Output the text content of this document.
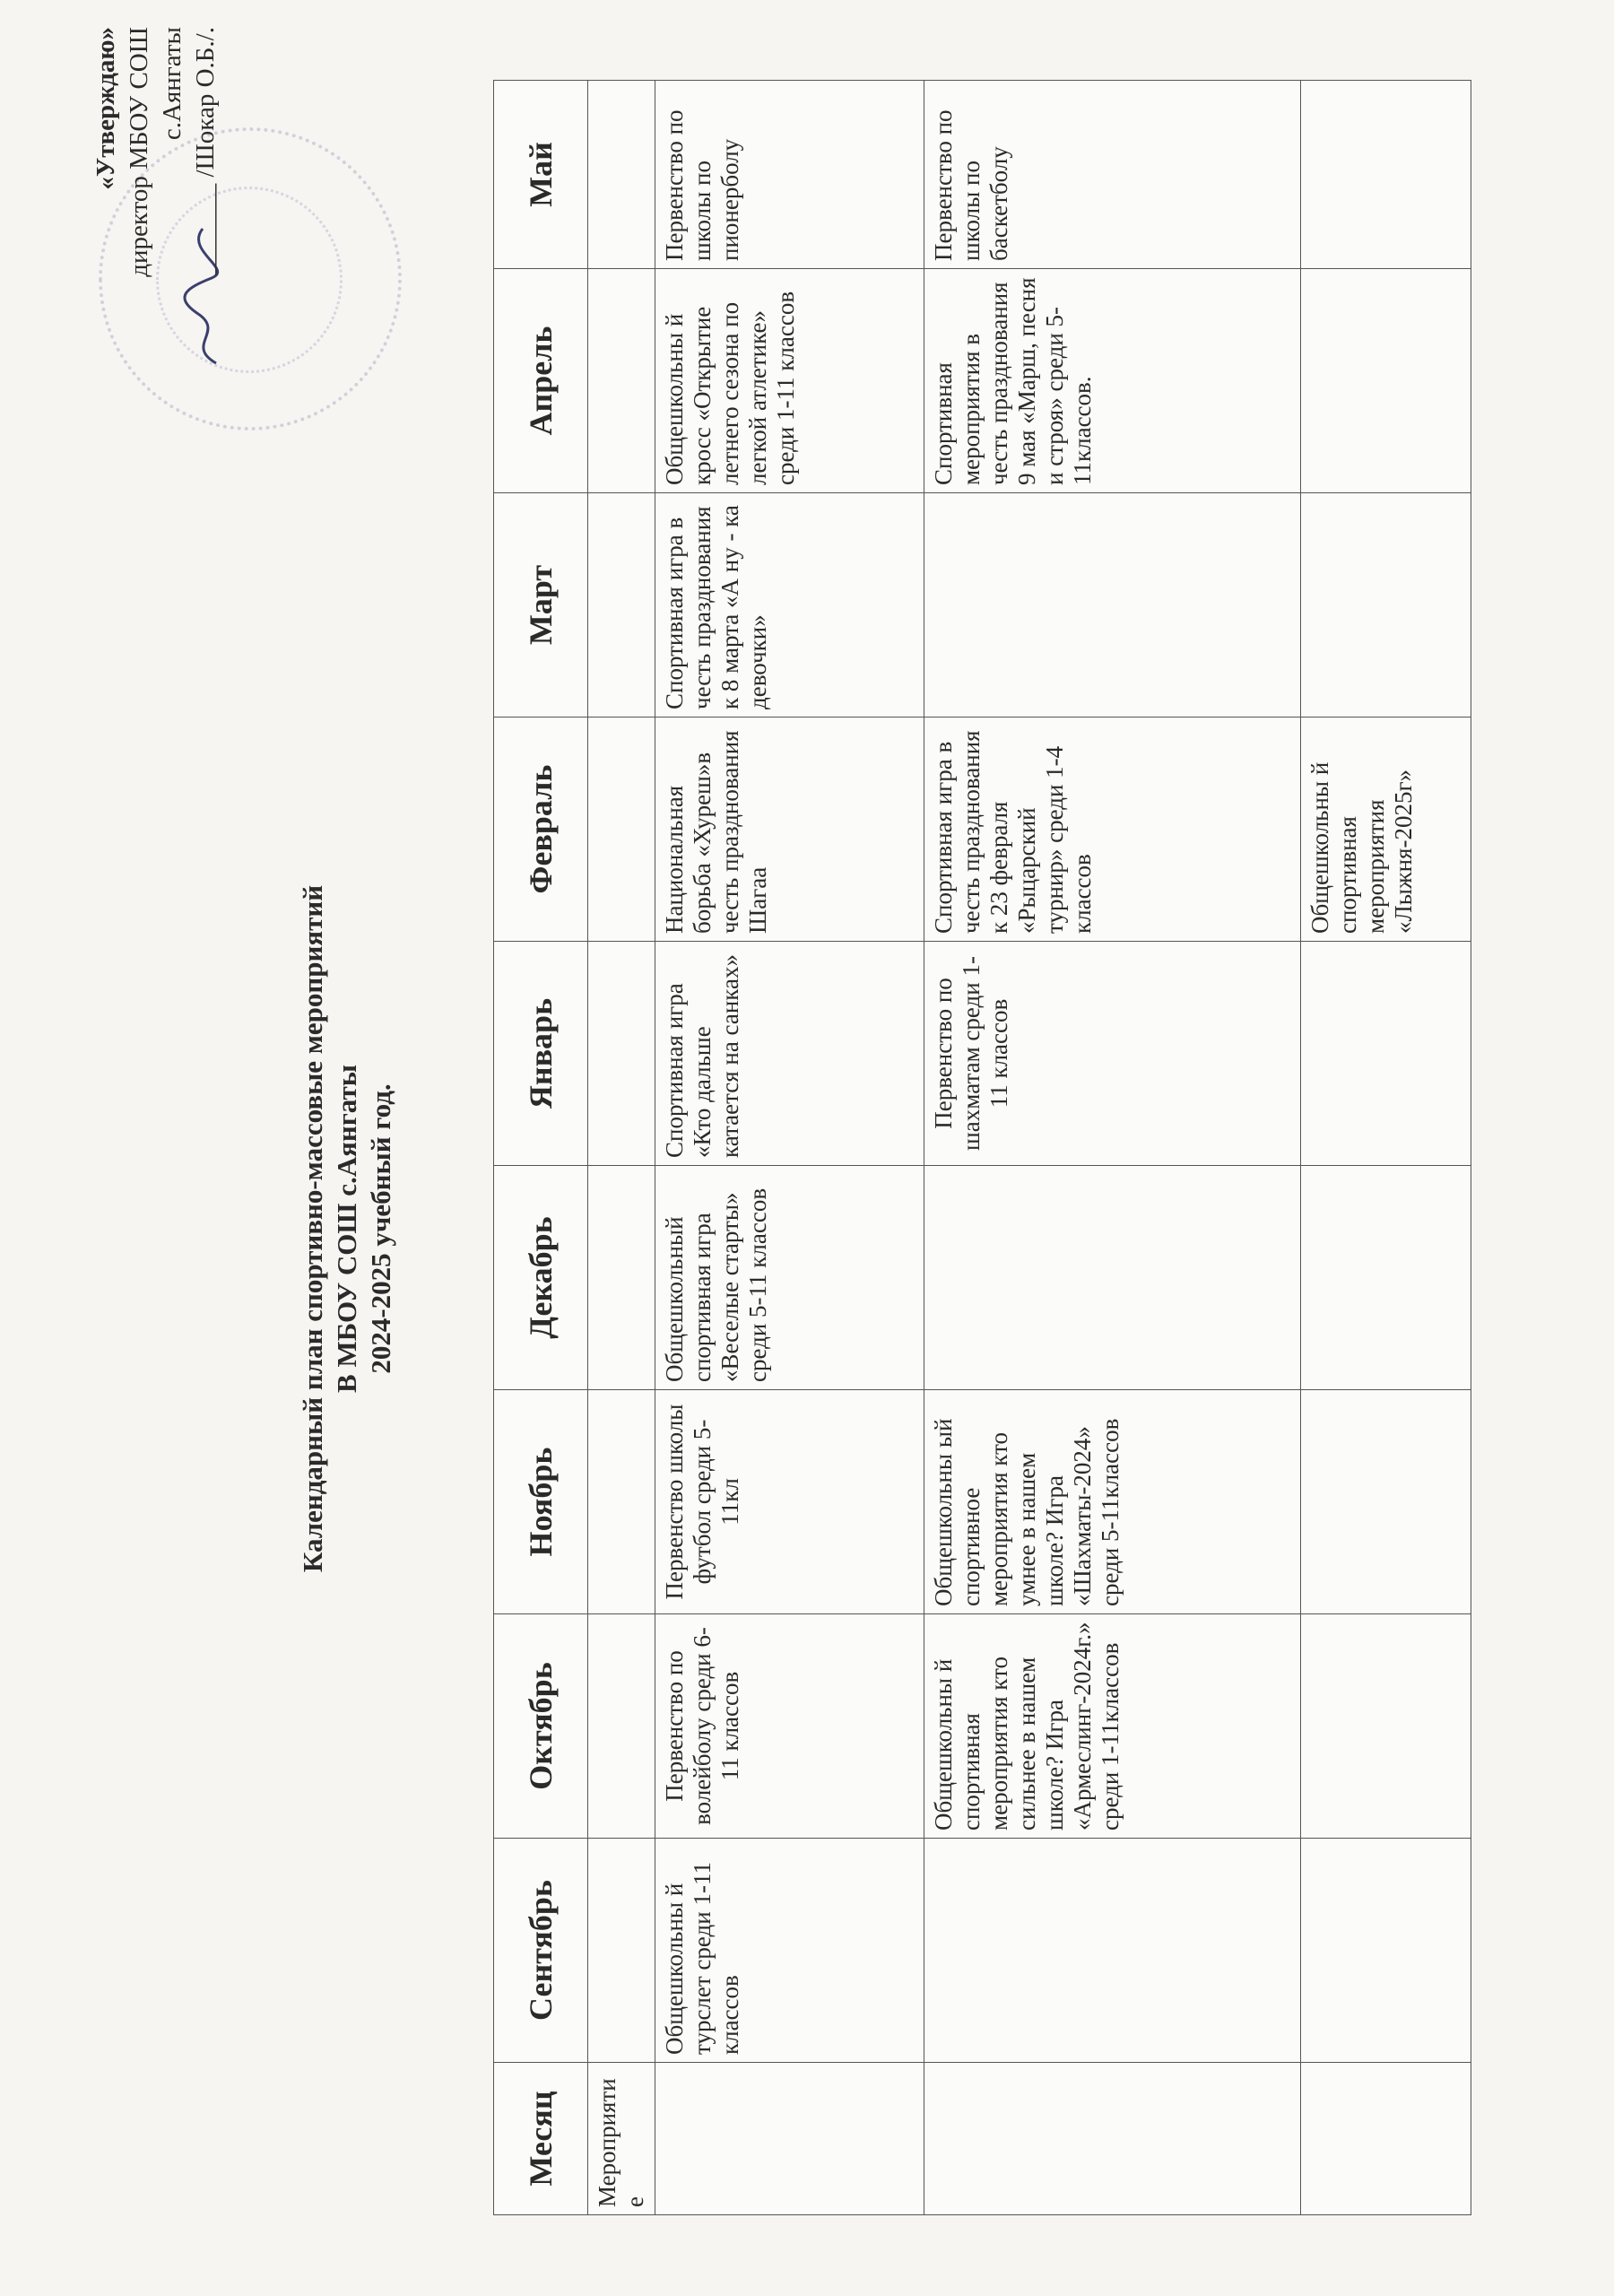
«Утверждаю» директор МБОУ СОШ с.Аянгаты _______ /Шокар О.Б./.
Календарный план спортивно-массовые мероприятий В МБОУ СОШ с.Аянгаты 2024-2025 учебный год.
Месяц	Сентябрь	Октябрь	Ноябрь	Декабрь	Январь	Февраль	Март	Апрель	Май
Мероприятие									
	Общешкольны й турслет среди 1-11 классов	Первенство по волейболу среди 6-11 классов	Первенство школы футбол среди 5-11кл	Общешкольный спортивная игра «Веселые старты» среди 5-11 классов	Спортивная игра «Кто дальше катается на санках»	Национальная борьба «Хуреш»в честь празднования Шагаа	Спортивная игра в честь празднования к 8 марта «А ну - ка девочки»	Общешкольны й кросс «Открытие летнего сезона по легкой атлетике» среди 1-11 классов	Первенство по школы по пионерболу
		Общешкольны й спортивная мероприятия кто сильнее в нашем школе? Игра «Армеслинг-2024г.» среди 1-11классов	Общешкольны ый спортивное мероприятия кто умнее в нашем школе? Игра «Шахматы-2024» среди 5-11классов		Первенство по шахматам среди 1-11 классов	Спортивная игра в честь празднования к 23 февраля «Рыцарский турнир» среди 1-4 классов		Спортивная мероприятия в честь празднования 9 мая «Марш, песня и строя» среди 5-11классов.	Первенство по школы по баскетболу
						Общешкольны й спортивная мероприятия «Лыжня-2025г»			
